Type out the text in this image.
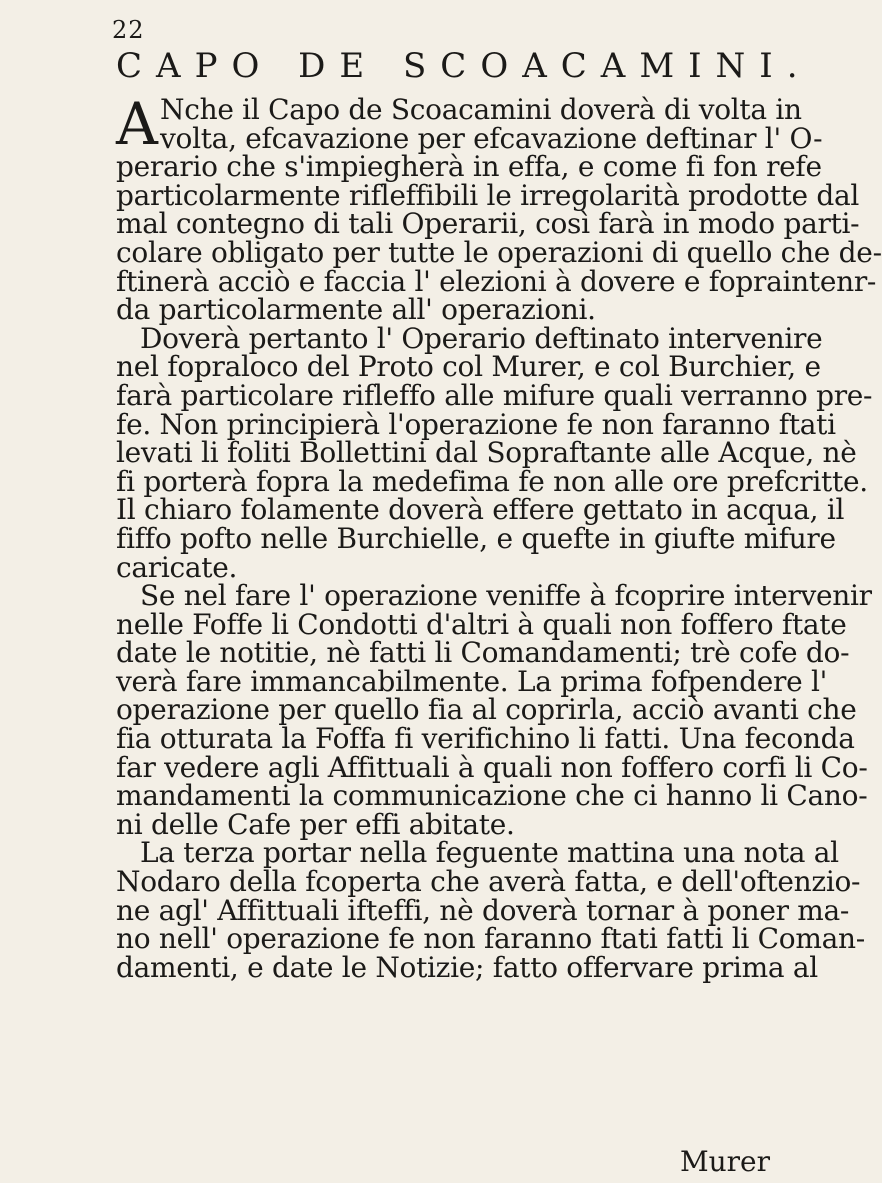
22
CAPO DE SCOACAMINI.
A Nche il Capo de Scoacamini doverà di volta in
volta, efcavazione per efcavazione deftinar l' O-
perario che s'impiegherà in effa, e come fi fon refe
particolarmente rifleffibili le irregolarità prodotte dal
mal contegno di tali Operarii, così farà in modo parti-
colare obligato per tutte le operazioni di quello che de-
ftinerà acciò e faccia l' elezioni à dovere e fopraintenr-
da particolarmente all' operazioni.
Doverà pertanto l' Operario deftinato intervenire
nel fopraloco del Proto col Murer, e col Burchier, e
farà particolare rifleffo alle mifure quali verranno pre-
fe. Non principierà l'operazione fe non faranno ftati
levati li foliti Bollettini dal Sopraftante alle Acque, nè
fi porterà fopra la medefima fe non alle ore prefcritte.
Il chiaro folamente doverà effere gettato in acqua, il
fiffo pofto nelle Burchielle, e quefte in giufte mifure
caricate.
Se nel fare l' operazione veniffe à fcoprire intervenir
nelle Foffe li Condotti d'altri à quali non foffero ftate
date le notitie, nè fatti li Comandamenti; trè cofe do-
verà fare immancabilmente. La prima fofpendere l'
operazione per quello fia al coprirla, acciò avanti che
fia otturata la Foffa fi verifichino li fatti. Una feconda
far vedere agli Affittuali à quali non foffero corfi li Co-
mandamenti la communicazione che ci hanno li Cano-
ni delle Cafe per effi abitate.
La terza portar nella feguente mattina una nota al
Nodaro della fcoperta che averà fatta, e dell'oftenzio-
ne agl' Affittuali ifteffi, nè doverà tornar à poner ma-
no nell' operazione fe non faranno ftati fatti li Coman-
damenti, e date le Notizie; fatto offervare prima al
Murer
